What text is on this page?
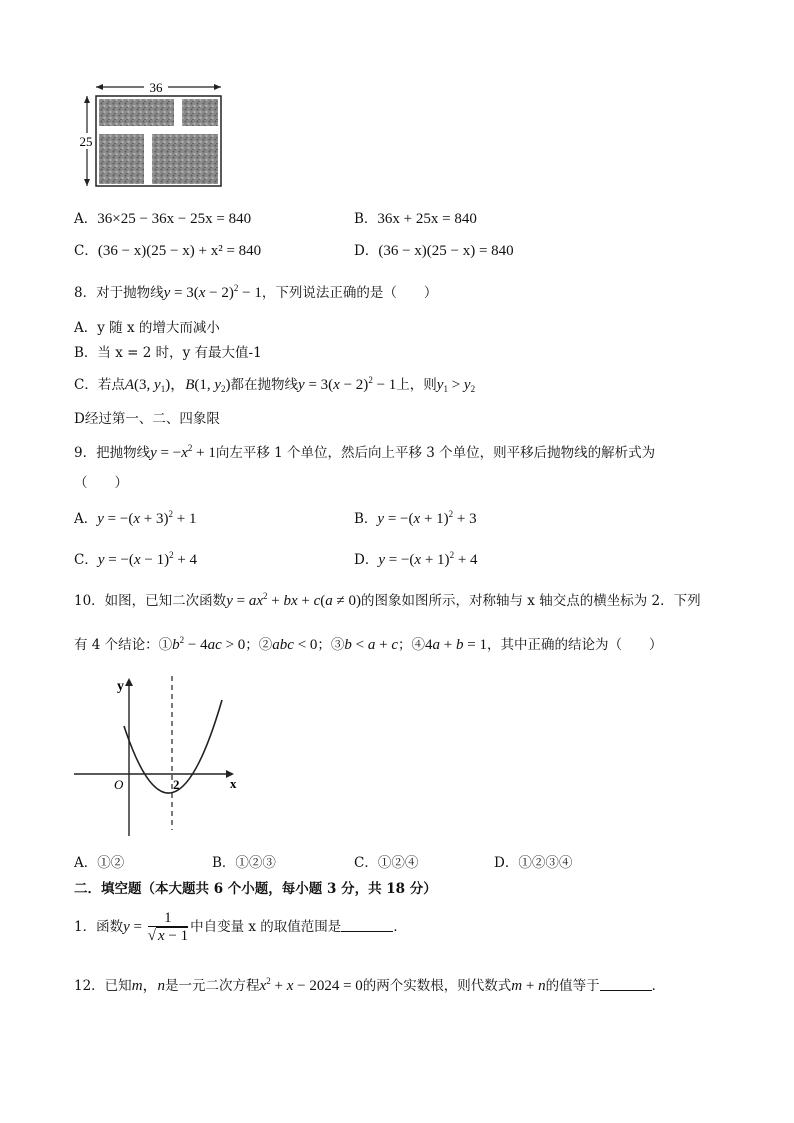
36
25
A．36×25 − 36x − 25x = 840	B．36x + 25x = 840
C．(36 − x)(25 − x) + x² = 840	D．(36 − x)(25 − x) = 840
8．对于抛物线$y = 3(x - 2)^2 - 1$，下列说法正确的是（　　）
A．y 随 x 的增大而减小
B．当 x = 2 时，y 有最大值-1
C．若点A(3, $y_1$)，B(1, $y_2$)都在抛物线$y = 3(x - 2)^2 - 1$上，则$y_1 > y_2$
D经过第一、二、四象限
9．把抛物线$y = -x^2 + 1$向左平移 1 个单位，然后向上平移 3 个单位，则平移后抛物线的解析式为
（　　）
A．$y = -(x + 3)^2 + 1$	B．$y = -(x + 1)^2 + 3$
C．$y = -(x - 1)^2 + 4$	D．$y = -(x + 1)^2 + 4$
10．如图，已知二次函数$y = ax^2$ + bx + c(a ≠ 0)的图象如图所示，对称轴与 x 轴交点的横坐标为 2．下列
有 4 个结论：$①b^2 - 4ac > 0$；②abc < 0；③b < a + c；④4a + b = 1，其中正确的结论为（　　）
y
x
O	2
A．①②	B．①②③	C．①②④	D．①②③④
二．填空题（本大题共 6 个小题，每小题 3 分，共 18 分）
1．函数$y = \frac{1}{√ x - 1}$ 中自变量 x 的取值范围是	．
12．已知m，n是一元二次方程$x^2 + x - 2024 = 0$的两个实数根，则代数式m + n的值等于	．
